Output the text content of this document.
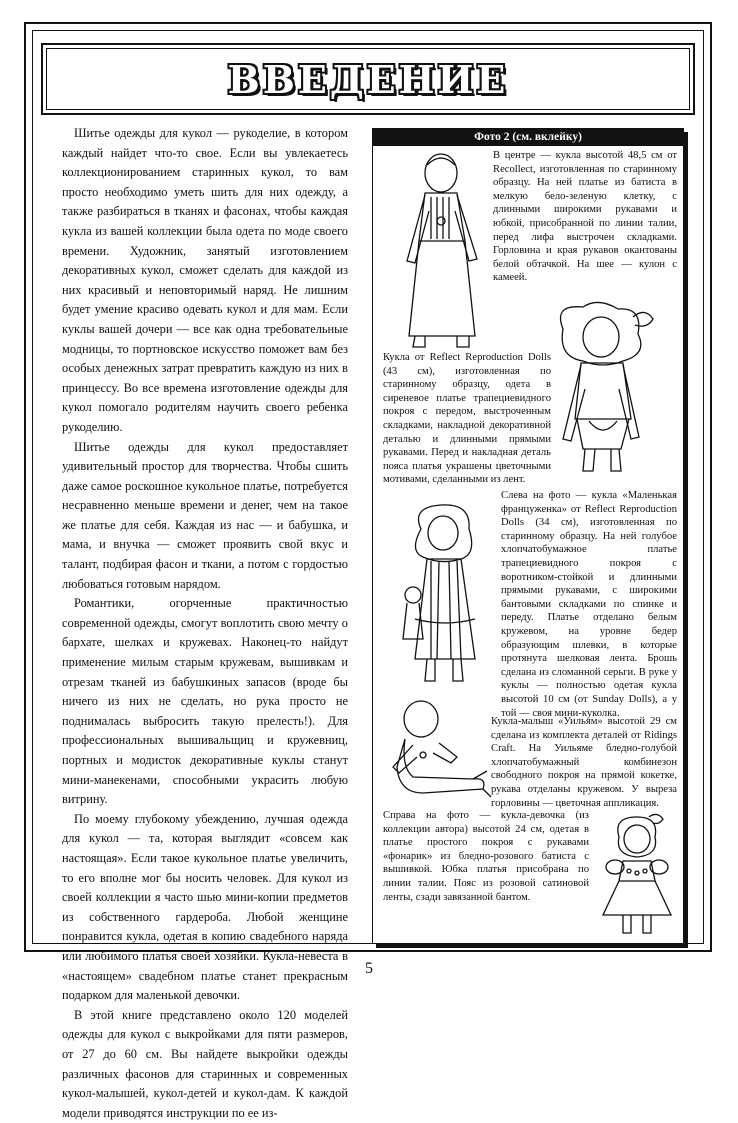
ВВЕДЕНИЕ

Шитье одежды для кукол — рукоделие, в котором каждый найдет что-то свое. Если вы увлекаетесь коллекционированием старинных кукол, то вам просто необходимо уметь шить для них одежду, а также разбираться в тканях и фасонах, чтобы каждая кукла из вашей коллекции была одета по моде своего времени. Художник, занятый изготовлением декоративных кукол, сможет сделать для каждой из них красивый и неповторимый наряд. Не лишним будет умение красиво одевать кукол и для мам. Если куклы вашей дочери — все как одна требовательные модницы, то портновское искусство поможет вам без особых денежных затрат превратить каждую из них в принцессу. Во все времена изготовление одежды для кукол помогало родителям научить своего ребенка рукоделию.

Шитье одежды для кукол предоставляет удивительный простор для творчества. Чтобы сшить даже самое роскошное кукольное платье, потребуется несравненно меньше времени и денег, чем на такое же платье для себя. Каждая из нас — и бабушка, и мама, и внучка — сможет проявить свой вкус и талант, подбирая фасон и ткани, а потом с гордостью любоваться готовым нарядом.

Романтики, огорченные практичностью современной одежды, смогут воплотить свою мечту о бархате, шелках и кружевах. Наконец-то найдут применение милым старым кружевам, вышивкам и отрезам тканей из бабушкиных запасов (вроде бы ничего из них не сделать, но рука просто не поднималась выбросить такую прелесть!). Для профессиональных вышивальщиц и кружевниц, портных и модисток декоративные куклы станут мини-манекенами, способными украсить любую витрину.

По моему глубокому убеждению, лучшая одежда для кукол — та, которая выглядит «совсем как настоящая». Если такое кукольное платье увеличить, то его вполне мог бы носить человек. Для кукол из своей коллекции я часто шью мини-копии предметов из собственного гардероба. Любой женщине понравится кукла, одетая в копию свадебного наряда или любимого платья своей хозяйки. Кукла-невеста в «настоящем» свадебном платье станет прекрасным подарком для маленькой девочки.

В этой книге представлено около 120 моделей одежды для кукол с выкройками для пяти размеров, от 27 до 60 см. Вы найдете выкройки одежды различных фасонов для старинных и современных кукол-малышей, кукол-детей и кукол-дам. К каждой модели приводятся инструкции по ее из-

Фото 2 (см. вклейку)
В центре — кукла высотой 48,5 см от Recollect, изготовленная по старинному образцу. На ней платье из батиста в мелкую бело-зеленую клетку, с длинными широкими рукавами и юбкой, присобранной по линии талии, перед лифа выстрочен складками. Горловина и края рукавов окантованы белой обтачкой. На шее — кулон с камеей.
Кукла от Reflect Reproduction Dolls (43 см), изготовленная по старинному образцу, одета в сиреневое платье трапециевидного покроя с передом, выстроченным складками, накладной декоративной деталью и длинными прямыми рукавами. Перед и накладная деталь пояса платья украшены цветочными мотивами, сделанными из лент.
Слева на фото — кукла «Маленькая француженка» от Reflect Reproduction Dolls (34 см), изготовленная по старинному образцу. На ней голубое хлопчатобумажное платье трапециевидного покроя с воротником-стойкой и длинными прямыми рукавами, с широкими бантовыми складками по спинке и переду. Платье отделано белым кружевом, на уровне бедер образующим шлевки, в которые протянута шелковая лента. Брошь сделана из сломанной серьги. В руке у куклы — полностью одетая кукла высотой 10 см (от Sunday Dolls), а у той — своя мини-куколка.
Кукла-малыш «Уильям» высотой 29 см сделана из комплекта деталей от Ridings Craft. На Уильяме бледно-голубой хлопчатобумажный комбинезон свободного покроя на прямой кокетке, рукава отделаны кружевом. У выреза горловины — цветочная аппликация.
Справа на фото — кукла-девочка (из коллекции автора) высотой 24 см, одетая в платье простого покроя с рукавами «фонарик» из бледно-розового батиста с вышивкой. Юбка платья присобрана по линии талии. Пояс из розовой сатиновой ленты, сзади завязанной бантом.
5
